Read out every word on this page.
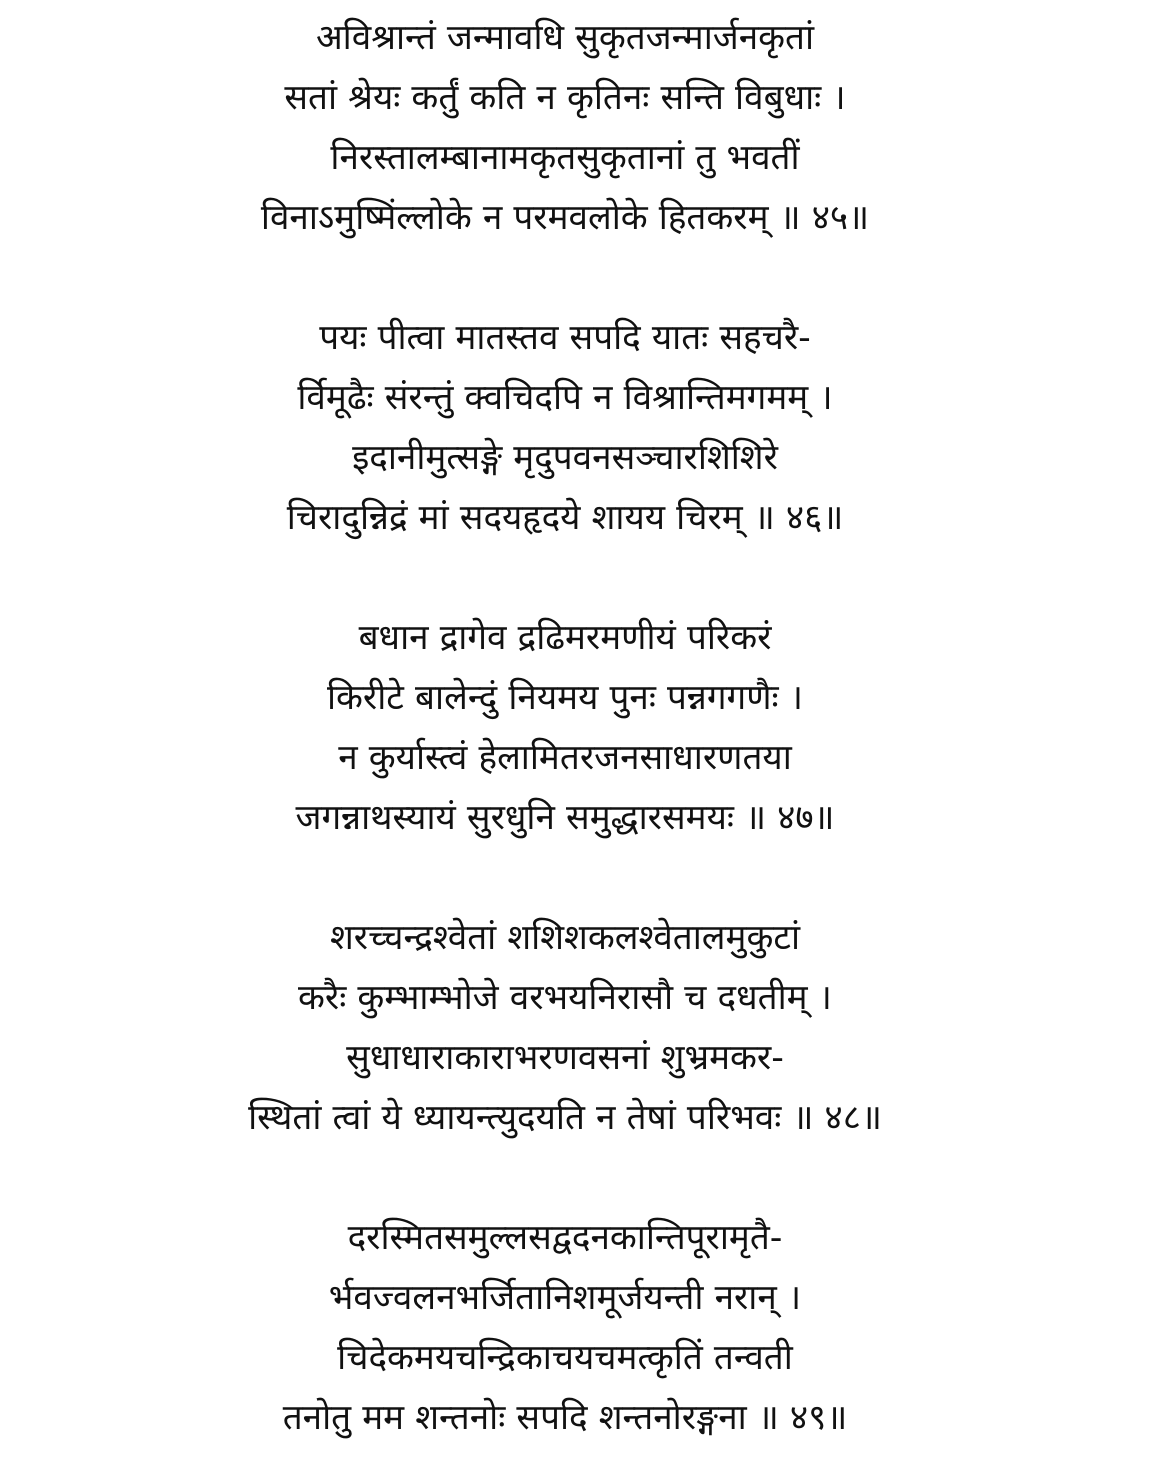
अविश्रान्तं जन्मावधि सुकृतजन्मार्जनकृतां
सतां श्रेयः कर्तुं कति न कृतिनः सन्ति विबुधाः ।
निरस्तालम्बानामकृतसुकृतानां तु भवतीं
विनाऽमुष्मिंल्लोके न परमवलोके हितकरम् ॥ ४५॥
पयः पीत्वा मातस्तव सपदि यातः सहचरै-
र्विमूढैः संरन्तुं क्वचिदपि न विश्रान्तिमगमम् ।
इदानीमुत्सङ्गे मृदुपवनसञ्चारशिशिरे
चिरादुन्निद्रं मां सदयहृदये शायय चिरम् ॥ ४६॥
बधान द्रागेव द्रढिमरमणीयं परिकरं
किरीटे बालेन्दुं नियमय पुनः पन्नगगणैः ।
न कुर्यास्त्वं हेलामितरजनसाधारणतया
जगन्नाथस्यायं सुरधुनि समुद्धारसमयः ॥ ४७॥
शरच्चन्द्रश्वेतां शशिशकलश्वेतालमुकुटां
करैः कुम्भाम्भोजे वरभयनिरासौ च दधतीम् ।
सुधाधाराकाराभरणवसनां शुभ्रमकर-
स्थितां त्वां ये ध्यायन्त्युदयति न तेषां परिभवः ॥ ४८॥
दरस्मितसमुल्लसद्वदनकान्तिपूरामृतै-
र्भवज्वलनभर्जितानिशमूर्जयन्ती नरान् ।
चिदेकमयचन्द्रिकाचयचमत्कृतिं तन्वती
तनोतु मम शन्तनोः सपदि शन्तनोरङ्गना ॥ ४९॥
